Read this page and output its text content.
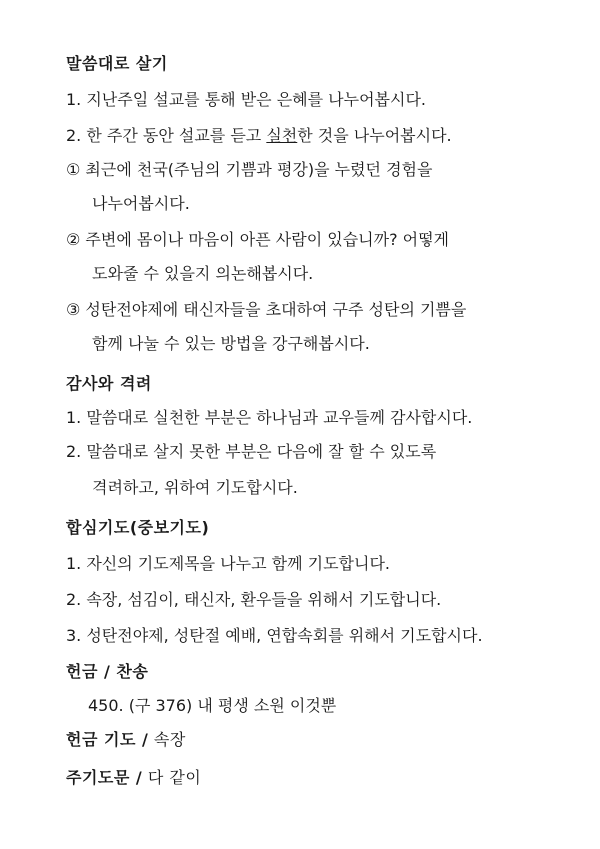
말씀대로 살기
1. 지난주일 설교를 통해 받은 은혜를 나누어봅시다.
2. 한 주간 동안 설교를 듣고 실천한 것을 나누어봅시다.
① 최근에 천국(주님의 기쁨과 평강)을 누렸던 경험을
나누어봅시다.
② 주변에 몸이나 마음이 아픈 사람이 있습니까? 어떻게
도와줄 수 있을지 의논해봅시다.
③ 성탄전야제에 태신자들을 초대하여 구주 성탄의 기쁨을
함께 나눌 수 있는 방법을 강구해봅시다.
감사와 격려
1. 말씀대로 실천한 부분은 하나님과 교우들께 감사합시다.
2. 말씀대로 살지 못한 부분은 다음에 잘 할 수 있도록
격려하고, 위하여 기도합시다.
합심기도(중보기도)
1. 자신의 기도제목을 나누고 함께 기도합니다.
2. 속장, 섬김이, 태신자, 환우들을 위해서 기도합니다.
3. 성탄전야제, 성탄절 예배, 연합속회를 위해서 기도합시다.
헌금 / 찬송
450. (구 376) 내 평생 소원 이것뿐
헌금 기도 / 속장
주기도문 / 다 같이
